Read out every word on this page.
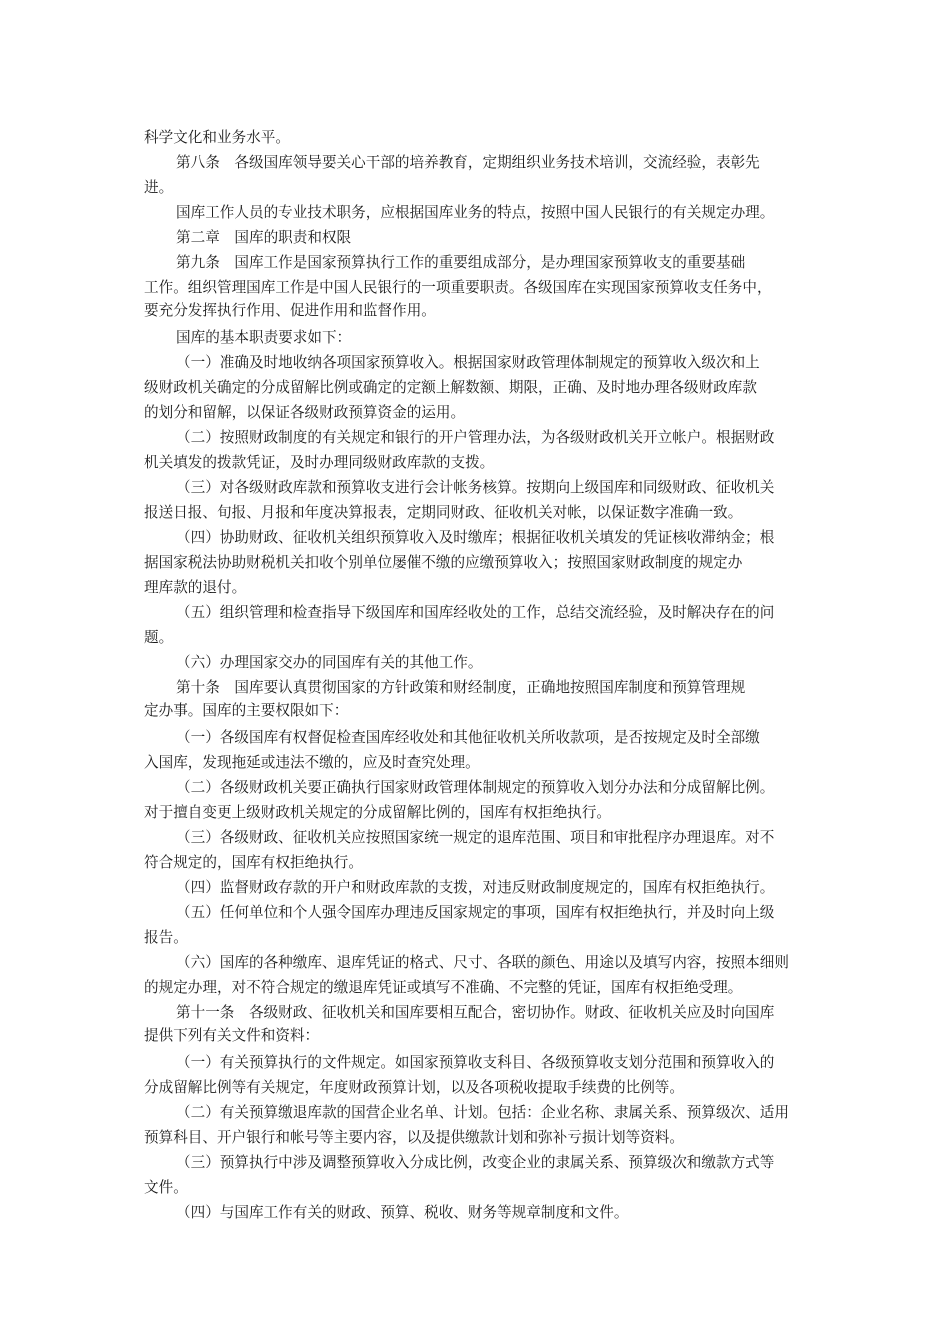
科学文化和业务水平。
第八条　各级国库领导要关心干部的培养教育，定期组织业务技术培训，交流经验，表彰先
进。
国库工作人员的专业技术职务，应根据国库业务的特点，按照中国人民银行的有关规定办理。
第二章　国库的职责和权限
第九条　国库工作是国家预算执行工作的重要组成部分，是办理国家预算收支的重要基础
工作。组织管理国库工作是中国人民银行的一项重要职责。各级国库在实现国家预算收支任务中，
要充分发挥执行作用、促进作用和监督作用。
国库的基本职责要求如下：
（一）准确及时地收纳各项国家预算收入。根据国家财政管理体制规定的预算收入级次和上
级财政机关确定的分成留解比例或确定的定额上解数额、期限，正确、及时地办理各级财政库款
的划分和留解，以保证各级财政预算资金的运用。
（二）按照财政制度的有关规定和银行的开户管理办法，为各级财政机关开立帐户。根据财政
机关填发的拨款凭证，及时办理同级财政库款的支拨。
（三）对各级财政库款和预算收支进行会计帐务核算。按期向上级国库和同级财政、征收机关
报送日报、旬报、月报和年度决算报表，定期同财政、征收机关对帐，以保证数字准确一致。
（四）协助财政、征收机关组织预算收入及时缴库；根据征收机关填发的凭证核收滞纳金；根
据国家税法协助财税机关扣收个别单位屡催不缴的应缴预算收入；按照国家财政制度的规定办
理库款的退付。
（五）组织管理和检查指导下级国库和国库经收处的工作，总结交流经验，及时解决存在的问
题。
（六）办理国家交办的同国库有关的其他工作。
第十条　国库要认真贯彻国家的方针政策和财经制度，正确地按照国库制度和预算管理规
定办事。国库的主要权限如下：
（一）各级国库有权督促检查国库经收处和其他征收机关所收款项，是否按规定及时全部缴
入国库，发现拖延或违法不缴的，应及时查究处理。
（二）各级财政机关要正确执行国家财政管理体制规定的预算收入划分办法和分成留解比例。
对于擅自变更上级财政机关规定的分成留解比例的，国库有权拒绝执行。
（三）各级财政、征收机关应按照国家统一规定的退库范围、项目和审批程序办理退库。对不
符合规定的，国库有权拒绝执行。
（四）监督财政存款的开户和财政库款的支拨，对违反财政制度规定的，国库有权拒绝执行。
（五）任何单位和个人强令国库办理违反国家规定的事项，国库有权拒绝执行，并及时向上级
报告。
（六）国库的各种缴库、退库凭证的格式、尺寸、各联的颜色、用途以及填写内容，按照本细则
的规定办理，对不符合规定的缴退库凭证或填写不准确、不完整的凭证，国库有权拒绝受理。
第十一条　各级财政、征收机关和国库要相互配合，密切协作。财政、征收机关应及时向国库
提供下列有关文件和资料：
（一）有关预算执行的文件规定。如国家预算收支科目、各级预算收支划分范围和预算收入的
分成留解比例等有关规定，年度财政预算计划，以及各项税收提取手续费的比例等。
（二）有关预算缴退库款的国营企业名单、计划。包括：企业名称、隶属关系、预算级次、适用
预算科目、开户银行和帐号等主要内容，以及提供缴款计划和弥补亏损计划等资料。
（三）预算执行中涉及调整预算收入分成比例，改变企业的隶属关系、预算级次和缴款方式等
文件。
（四）与国库工作有关的财政、预算、税收、财务等规章制度和文件。
